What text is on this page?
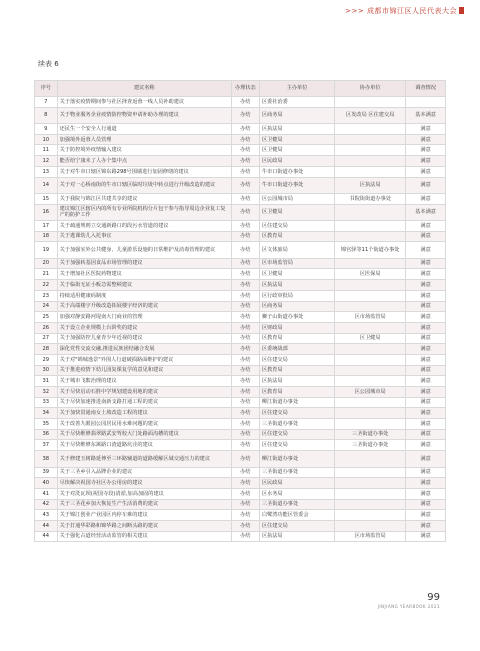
>>> 成都市锦江区人民代表大会
续表 6
序号	建议名称	办理状态	主办单位	协办单位	调查情况
7	关于落实疫情期间参与社区择查返蓉一线人员补助建议	办结	区委社治委		
8	关于物业服务企业疫情防控物资申请补助办理的建议	办结	区商务局	区发改局 区住建交局	基本满意
9	还民生一个安全人行通道	办结	区执法局		满意
10	加强境外返蓉人员管理	办结	区卫健局		满意
11	关于防控境外疫情输入建议	办结	区卫健局		满意
12	能否给宁康未了人办个集中点	办结	区民政局		满意
13	关于对牛市口辖区锦东路298号围墙进行加固修缮的建议	办结	牛市口街道办事处		满意
14	关于对一心桥南街的牛市口辖区临时垃圾中转点进行升级改造的建议	办结	牛市口街道办事处	区执法局	满意
15	关于我院与锦江区共建共享的建议	办结	区公园城市局	书院街街道办事处	满意
16	建议锦江区辖区内的所有专业所院机构分片包干参与指导周边企业复工复产的防护工作	办结	区卫健局		基本满意
17	关于疏通规则立交通新路口的段污水管道的建议	办结	区住建交局		满意
18	关于逃课幼儿入托事宜	办结	区教育局		满意
19	关于加强室外公共健身、儿童游乐设施的日常维护及消毒管理的建议	办结	区文体旅局	锦官驿等11个街道办事处	满意
20	关于加强转基因食品市场管理的建议	办结	区市场监管局		满意
21	关于增加社区医院药物建议	办结	区卫健局	区医保局	满意
22	关于临街无证小贩急需整顿建议	办结	区执法局		满意
23	持续适用健康码制度	办结	区行政审批局		满意
24	关于高端楼宇升级改造拓展楼宇经济的建议	办结	区商务局		满意
25	加强对静安路河堤南大门商业的管理	办结	狮子山街道办事处	区市场监管局	满意
26	关于设立企业规模上台阶奖的建议	办结	区财政局		满意
27	关于加强防控儿童青少年近视的建议	办结	区教育局	区卫健局	满意
28	深化党性交流交融,推进民族团结融合发展	办结	区委统战部		满意
29	关于对"锦城逸景"外围人行道破损路面维护的建议	办结	区住建交局		满意
30	关于推进疫情下幼儿园复课复学的意见和建议	办结	区教育局		满意
31	关于城市飞絮治理的建议	办结	区执法局		满意
32	关于尽快启动石胜中学规划建设用地的建议	办结	区教育局	区公园城市局	满意
33	关于尽快加速推进南新支路打通工程的建议	办结	柳江街道办事处		满意
34	关于加快贯通南女上坡改造工程的建议	办结	区住建交局		满意
35	关于改善九眼园公园居民用水难问题的建议	办结	三圣街道办事处		满意
36	关于尽快维修翡翠路武安驾校大门处路面沟槽的建议	办结	区住建交局	三圣街道办事处	满意
37	关于尽快维修东篱路口渣道路坑洼的建议	办结	区住建交局	三圣街道办事处	满意
38	关于修建玉树路延伸至三环路辅道的道路缓解区域交通压力的建议	办结	柳江街道办事处		满意
39	关于三圣乡引入品牌企业的建议	办结	三圣街道办事处		满意
40	尽快解决祝国寺社区办公用房的建议	办结	区民政局		满意
41	关于对洗瓦坝(祝国寺段)清淤,加高加固的建议	办结	区水务局		满意
42	关于三圣花乡加大恢复生产生活消费的建议	办结	三圣街道办事处		满意
43	关于锦江创业产业园区内停车难的建议	办结	白鹭湾功能区管委会		满意
44	关于打通华彩路和锦华路之间断头路的建议	办结	区住建交局		满意
44	关于强化占道经营活动监管的相关建议	办结	区执法局	区市场监管局	满意
99
JINJIANG YEARBOOK 2021
